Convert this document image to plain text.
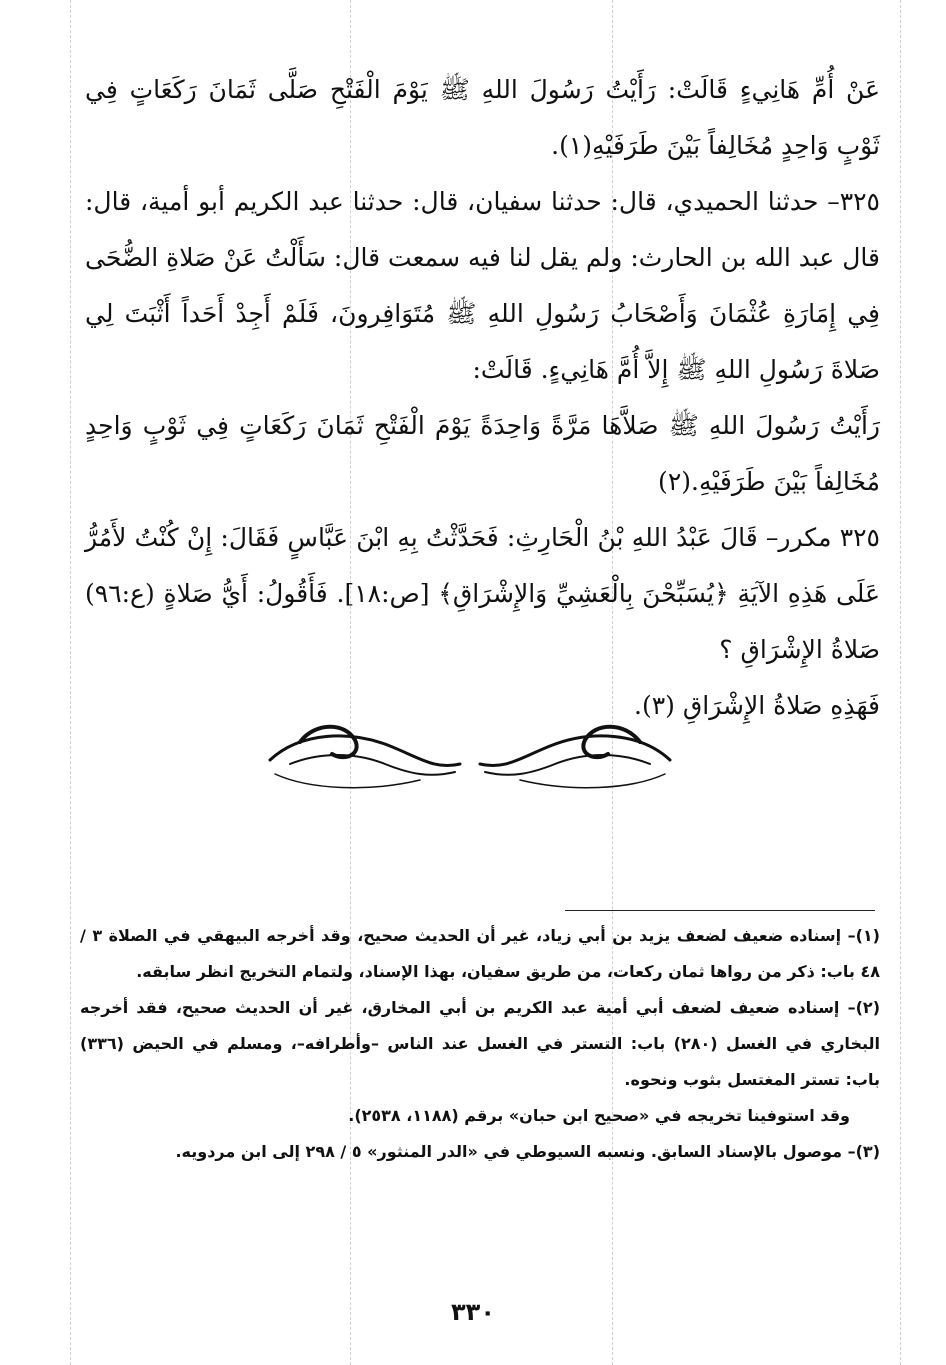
عَنْ أُمِّ هَانِيءٍ قَالَتْ: رَأَيْتُ رَسُولَ اللهِ ﷺ يَوْمَ الْفَتْحِ صَلَّى ثَمَانَ رَكَعَاتٍ فِي ثَوْبٍ وَاحِدٍ مُخَالِفاً بَيْنَ طَرَفَيْهِ(١).

٣٢٥– حدثنا الحميدي، قال: حدثنا سفيان، قال: حدثنا عبد الكريم أبو أمية، قال: قال عبد الله بن الحارث: ولم يقل لنا فيه سمعت قال: سَأَلْتُ عَنْ صَلاةِ الضُّحَى فِي إِمَارَةِ عُثْمَانَ وَأَصْحَابُ رَسُولِ اللهِ ﷺ مُتَوَافِرونَ، فَلَمْ أَجِدْ أَحَداً أَثْبَتَ لِي صَلاةَ رَسُولِ اللهِ ﷺ إِلاَّ أُمَّ هَانِيءٍ. قَالَتْ:

رَأَيْتُ رَسُولَ اللهِ ﷺ صَلاَّهَا مَرَّةً وَاحِدَةً يَوْمَ الْفَتْحِ ثَمَانَ رَكَعَاتٍ فِي ثَوْبٍ وَاحِدٍ مُخَالِفاً بَيْنَ طَرَفَيْهِ.(٢)

٣٢٥ مكرر– قَالَ عَبْدُ اللهِ بْنُ الْحَارِثِ: فَحَدَّثْتُ بِهِ ابْنَ عَبَّاسٍ فَقَالَ: إِنْ كُنْتُ لأَمُرُّ عَلَى هَذِهِ الآيَةِ ﴿يُسَبِّحْنَ بِالْعَشِيِّ وَالإِشْرَاقِ﴾ [ص:١٨]. فَأَقُولُ: أَيُّ صَلاةٍ (ع:٩٦) صَلاةُ الإِشْرَاقِ ؟

فَهَذِهِ صَلاةُ الإِشْرَاقِ (٣).

(١)– إسناده ضعيف لضعف يزيد بن أبي زياد، غير أن الحديث صحيح، وقد أخرجه البيهقي في الصلاة ٣ / ٤٨ باب: ذكر من رواها ثمان ركعات، من طريق سفيان، بهذا الإسناد، ولتمام التخريج انظر سابقه.

(٢)– إسناده ضعيف لضعف أبي أمية عبد الكريم بن أبي المخارق، غير أن الحديث صحيح، فقد أخرجه البخاري في الغسل (٢٨٠) باب: التستر في الغسل عند الناس –وأطرافه–، ومسلم في الحيض (٣٣٦) باب: تستر المغتسل بثوب ونحوه.

وقد استوفينا تخريجه في «صحيح ابن حبان» برقم (١١٨٨، ٢٥٣٨).

(٣)– موصول بالإسناد السابق. ونسبه السيوطي في «الدر المنثور» ٥ / ٢٩٨ إلى ابن مردويه.

٣٣٠
